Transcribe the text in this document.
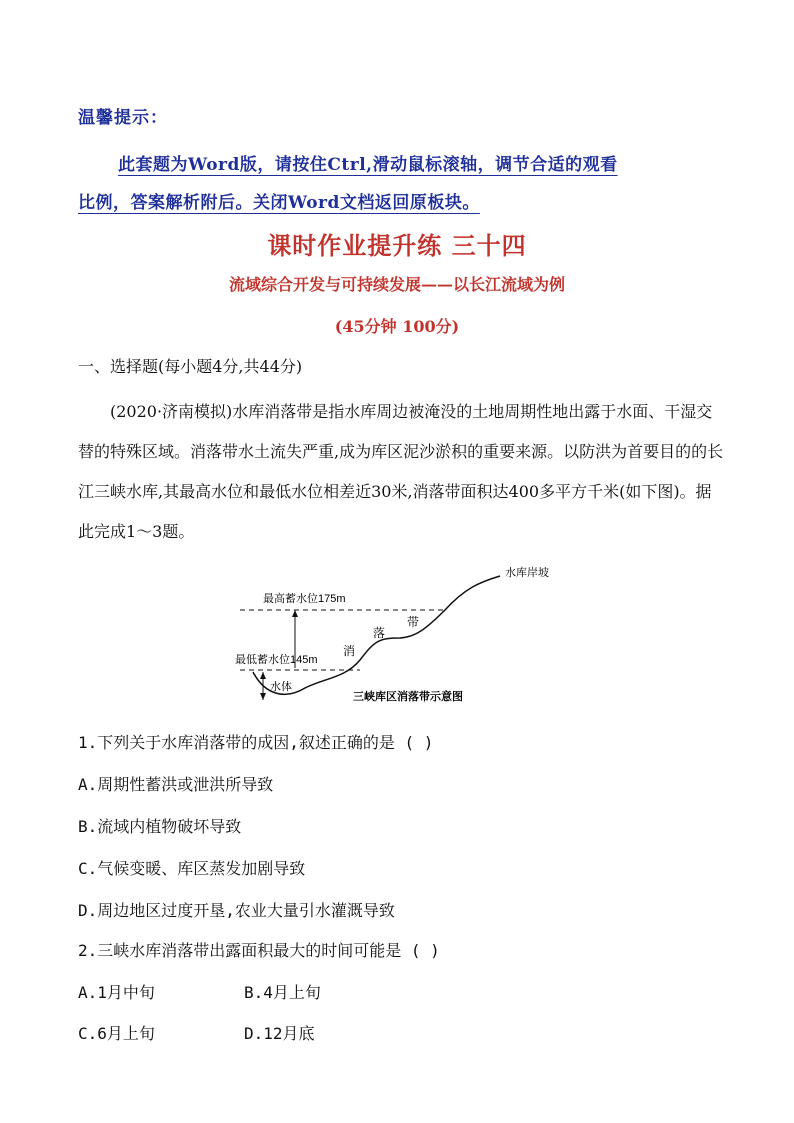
温馨提示：
此套题为Word版，请按住Ctrl,滑动鼠标滚轴，调节合适的观看
比例，答案解析附后。关闭Word文档返回原板块。
课时作业提升练 三十四
流域综合开发与可持续发展——以长江流域为例
(45分钟 100分)
一、选择题(每小题4分,共44分)
(2020·济南模拟)水库消落带是指水库周边被淹没的土地周期性地出露于水面、干湿交替的特殊区域。消落带水土流失严重,成为库区泥沙淤积的重要来源。以防洪为首要目的的长江三峡水库,其最高水位和最低水位相差近30米,消落带面积达400多平方千米(如下图)。据此完成1～3题。
水库岸坡
最高蓄水位175m
最低蓄水位145m
水体
消
落
带
三峡库区消落带示意图
1.下列关于水库消落带的成因,叙述正确的是 ( )
A.周期性蓄洪或泄洪所导致
B.流域内植物破坏导致
C.气候变暖、库区蒸发加剧导致
D.周边地区过度开垦,农业大量引水灌溉导致
2.三峡水库消落带出露面积最大的时间可能是 ( )
A.1月中旬	B.4月上旬
C.6月上旬	D.12月底
